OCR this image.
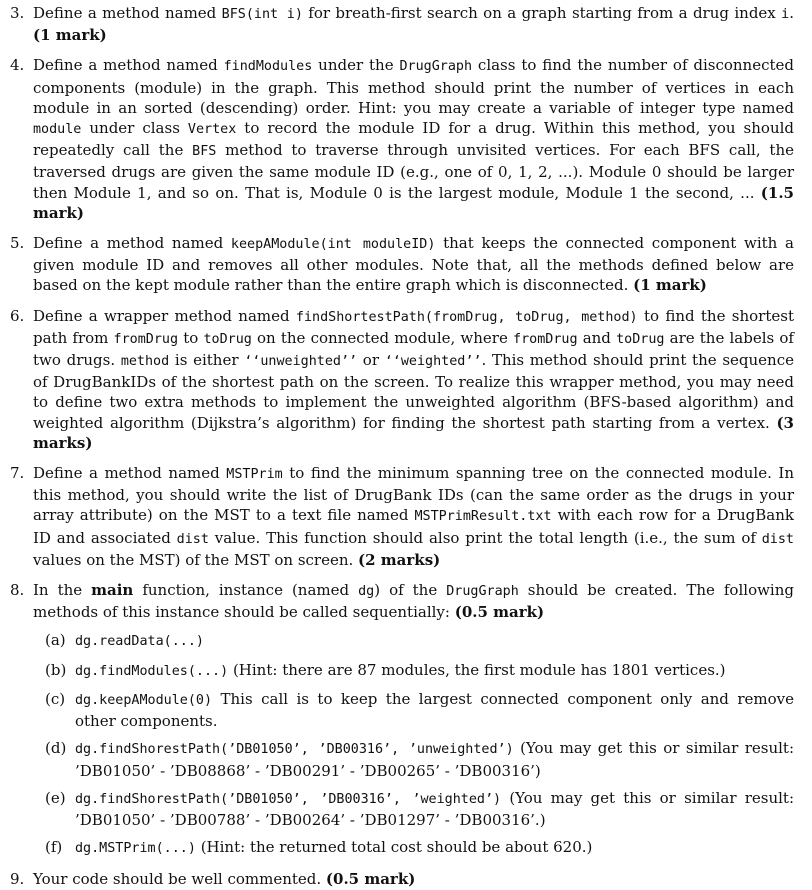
3. Define a method named BFS(int i) for breath-first search on a graph starting from a drug index i. (1 mark)
4. Define a method named findModules under the DrugGraph class to find the number of disconnected components (module) in the graph. This method should print the number of vertices in each module in an sorted (descending) order. Hint: you may create a variable of integer type named module under class Vertex to record the module ID for a drug. Within this method, you should repeatedly call the BFS method to traverse through unvisited vertices. For each BFS call, the traversed drugs are given the same module ID (e.g., one of 0, 1, 2, ...). Module 0 should be larger then Module 1, and so on. That is, Module 0 is the largest module, Module 1 the second, ... (1.5 mark)
5. Define a method named keepAModule(int moduleID) that keeps the connected component with a given module ID and removes all other modules. Note that, all the methods defined below are based on the kept module rather than the entire graph which is disconnected. (1 mark)
6. Define a wrapper method named findShortestPath(fromDrug, toDrug, method) to find the shortest path from fromDrug to toDrug on the connected module, where fromDrug and toDrug are the labels of two drugs. method is either ‘‘unweighted’’ or ‘‘weighted’’. This method should print the sequence of DrugBankIDs of the shortest path on the screen. To realize this wrapper method, you may need to define two extra methods to implement the unweighted algorithm (BFS-based algorithm) and weighted algorithm (Dijkstra’s algorithm) for finding the shortest path starting from a vertex. (3 marks)
7. Define a method named MSTPrim to find the minimum spanning tree on the connected module. In this method, you should write the list of DrugBank IDs (can the same order as the drugs in your array attribute) on the MST to a text file named MSTPrimResult.txt with each row for a DrugBank ID and associated dist value. This function should also print the total length (i.e., the sum of dist values on the MST) of the MST on screen. (2 marks)
8. In the main function, instance (named dg) of the DrugGraph should be created. The following methods of this instance should be called sequentially: (0.5 mark)
(a) dg.readData(...)
(b) dg.findModules(...) (Hint: there are 87 modules, the first module has 1801 vertices.)
(c) dg.keepAModule(0) This call is to keep the largest connected component only and remove other components.
(d) dg.findShorestPath(’DB01050’, ’DB00316’, ’unweighted’) (You may get this or similar result: ’DB01050’ - ’DB08868’ - ’DB00291’ - ’DB00265’ - ’DB00316’)
(e) dg.findShorestPath(’DB01050’, ’DB00316’, ’weighted’) (You may get this or similar result: ’DB01050’ - ’DB00788’ - ’DB00264’ - ’DB01297’ - ’DB00316’.)
(f) dg.MSTPrim(...) (Hint: the returned total cost should be about 620.)
9. Your code should be well commented. (0.5 mark)
